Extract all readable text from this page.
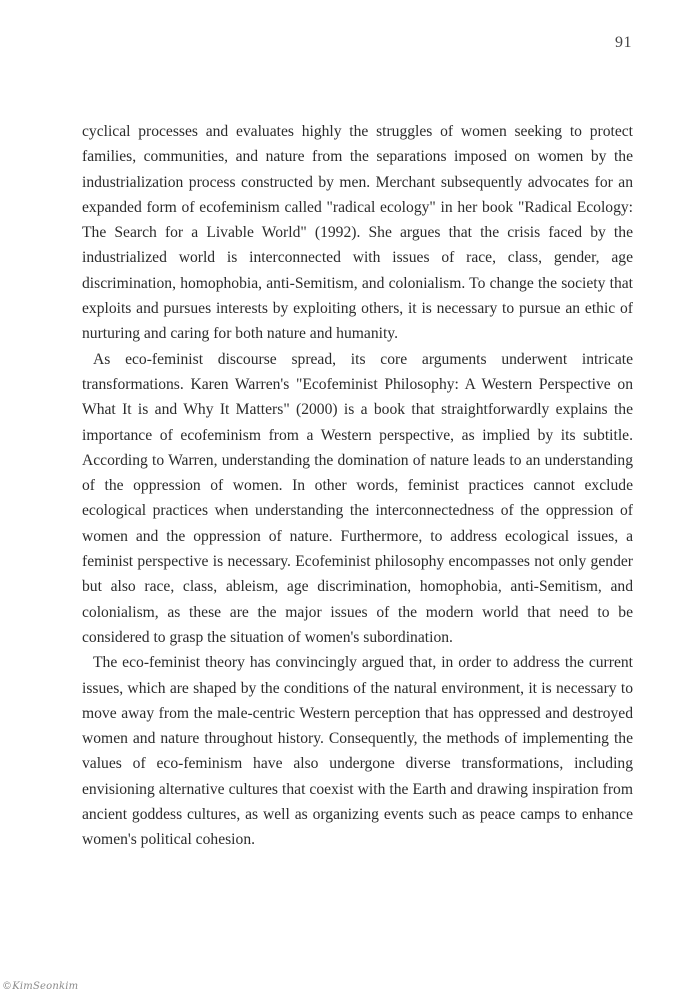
91

cyclical processes and evaluates highly the struggles of women seeking to protect families, communities, and nature from the separations imposed on women by the industrialization process constructed by men. Merchant subsequently advocates for an expanded form of ecofeminism called "radical ecology" in her book "Radical Ecology: The Search for a Livable World" (1992). She argues that the crisis faced by the industrialized world is interconnected with issues of race, class, gender, age discrimination, homophobia, anti-Semitism, and colonialism. To change the society that exploits and pursues interests by exploiting others, it is necessary to pursue an ethic of nurturing and caring for both nature and humanity.

As eco-feminist discourse spread, its core arguments underwent intricate transformations. Karen Warren's "Ecofeminist Philosophy: A Western Perspective on What It is and Why It Matters" (2000) is a book that straightforwardly explains the importance of ecofeminism from a Western perspective, as implied by its subtitle. According to Warren, understanding the domination of nature leads to an understanding of the oppression of women. In other words, feminist practices cannot exclude ecological practices when understanding the interconnectedness of the oppression of women and the oppression of nature. Furthermore, to address ecological issues, a feminist perspective is necessary. Ecofeminist philosophy encompasses not only gender but also race, class, ableism, age discrimination, homophobia, anti-Semitism, and colonialism, as these are the major issues of the modern world that need to be considered to grasp the situation of women's subordination.

The eco-feminist theory has convincingly argued that, in order to address the current issues, which are shaped by the conditions of the natural environment, it is necessary to move away from the male-centric Western perception that has oppressed and destroyed women and nature throughout history. Consequently, the methods of implementing the values of eco-feminism have also undergone diverse transformations, including envisioning alternative cultures that coexist with the Earth and drawing inspiration from ancient goddess cultures, as well as organizing events such as peace camps to enhance women's political cohesion.

©KimSeonkim
